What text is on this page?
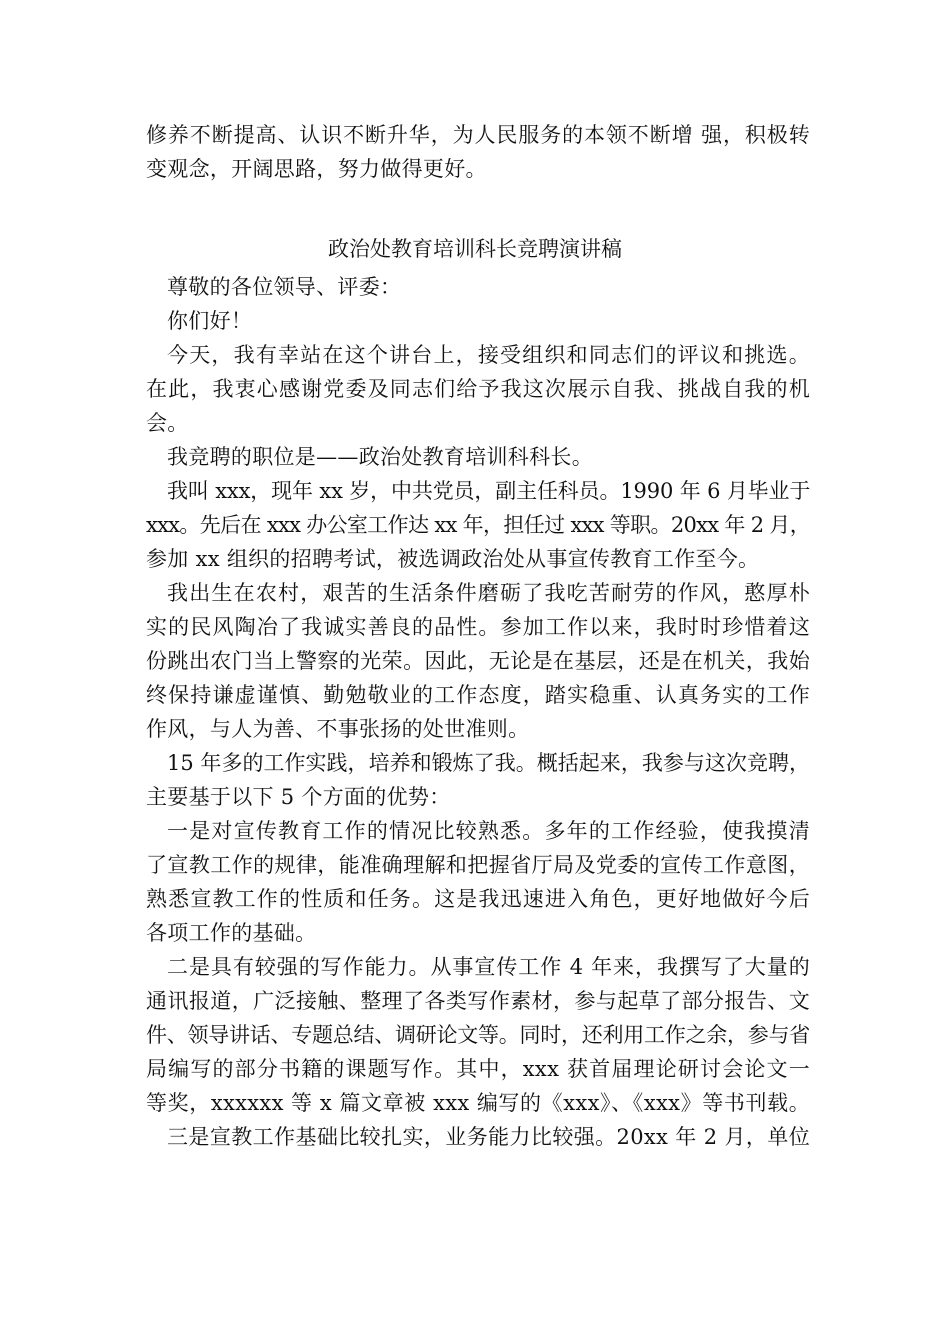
修养不断提高、认识不断升华，为人民服务的本领不断增 强，积极转
变观念，开阔思路，努力做得更好。
政治处教育培训科长竞聘演讲稿
尊敬的各位领导、评委：
你们好！
今天，我有幸站在这个讲台上，接受组织和同志们的评议和挑选。
在此，我衷心感谢党委及同志们给予我这次展示自我、挑战自我的机
会。
我竞聘的职位是——政治处教育培训科科长。
我叫 xxx，现年 xx 岁，中共党员，副主任科员。1990 年 6 月毕业于
xxx。先后在 xxx 办公室工作达 xx 年，担任过 xxx 等职。20xx 年 2 月，
参加 xx 组织的招聘考试，被选调政治处从事宣传教育工作至今。
我出生在农村，艰苦的生活条件磨砺了我吃苦耐劳的作风，憨厚朴
实的民风陶冶了我诚实善良的品性。参加工作以来，我时时珍惜着这
份跳出农门当上警察的光荣。因此，无论是在基层，还是在机关，我始
终保持谦虚谨慎、勤勉敬业的工作态度，踏实稳重、认真务实的工作
作风，与人为善、不事张扬的处世准则。
15 年多的工作实践，培养和锻炼了我。概括起来，我参与这次竞聘，
主要基于以下 5 个方面的优势：
一是对宣传教育工作的情况比较熟悉。多年的工作经验，使我摸清
了宣教工作的规律，能准确理解和把握省厅局及党委的宣传工作意图，
熟悉宣教工作的性质和任务。这是我迅速进入角色，更好地做好今后
各项工作的基础。
二是具有较强的写作能力。从事宣传工作 4 年来，我撰写了大量的
通讯报道，广泛接触、整理了各类写作素材，参与起草了部分报告、文
件、领导讲话、专题总结、调研论文等。同时，还利用工作之余，参与省
局编写的部分书籍的课题写作。其中，xxx 获首届理论研讨会论文一
等奖，xxxxxx 等 x 篇文章被 xxx 编写的《xxx》、《xxx》等书刊载。
三是宣教工作基础比较扎实，业务能力比较强。20xx 年 2 月，单位
